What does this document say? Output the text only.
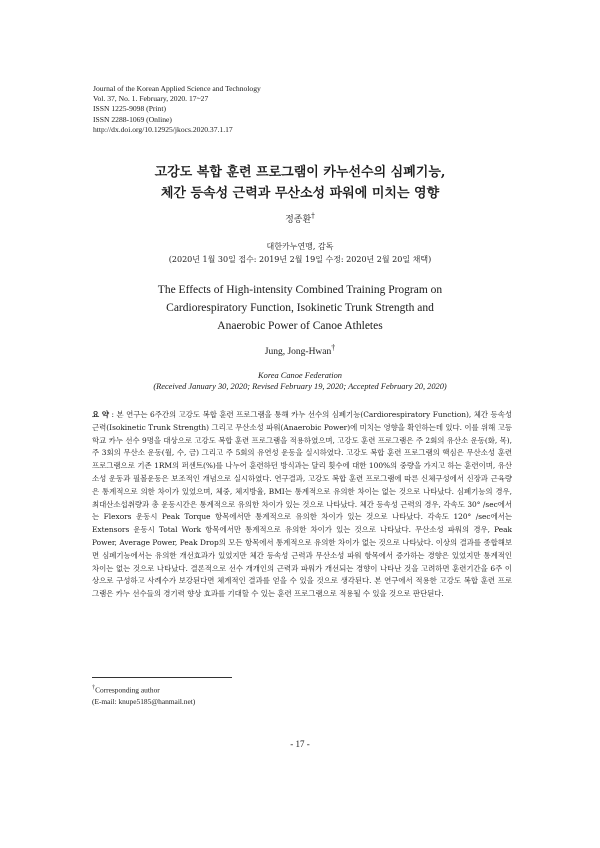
Journal of the Korean Applied Science and Technology
Vol. 37, No. 1. February, 2020. 17~27
ISSN 1225-9098 (Print)
ISSN 2288-1069 (Online)
http://dx.doi.org/10.12925/jkocs.2020.37.1.17
고강도 복합 훈련 프로그램이 카누선수의 심폐기능,
체간 등속성 근력과 무산소성 파워에 미치는 영향
정종환†
대한카누연맹, 감독
(2020년 1월 30일 접수: 2019년 2월 19일 수정: 2020년 2월 20일 채택)
The Effects of High-intensity Combined Training Program on
Cardiorespiratory Function, Isokinetic Trunk Strength and
Anaerobic Power of Canoe Athletes
Jung, Jong-Hwan†
Korea Canoe Federation
(Received January 30, 2020; Revised February 19, 2020; Accepted February 20, 2020)
요 약 : 본 연구는 6주간의 고강도 복합 훈련 프로그램을 통해 카누 선수의 심폐기능(Cardiorespiratory Function), 체간 등속성 근력(Isokinetic Trunk Strength) 그리고 무산소성 파워(Anaerobic Power)에 미치는 영향을 확인하는데 있다. 이를 위해 고등학교 카누 선수 9명을 대상으로 고강도 복합 훈련 프로그램을 적용하였으며, 고강도 훈련 프로그램은 주 2회의 유산소 운동(화, 목), 주 3회의 무산소 운동(월, 수, 금) 그리고 주 5회의 유연성 운동을 실시하였다. 고강도 복합 훈련 프로그램의 핵심은 무산소성 훈련 프로그램으로 기존 1RM의 퍼센트(%)를 나누어 훈련하던 방식과는 달리 횟수에 대한 100%의 중량을 가지고 하는 훈련이며, 유산소성 운동과 필볼운동은 보조적인 개념으로 실시하였다. 연구결과, 고강도 복합 훈련 프로그램에 따른 신체구성에서 신장과 근육량은 통계적으로 의한 차이가 있었으며, 체중, 체지방율, BMI는 통계적으로 유의한 차이는 없는 것으로 나타났다. 심폐기능의 경우, 최대산소섭취량과 총 운동시간은 통계적으로 유의한 차이가 있는 것으로 나타났다. 체간 등속성 근력의 경우, 각속도 30° /sec에서는 Flexors 운동시 Peak Torque 항목에서만 통계적으로 유의한 차이가 있는 것으로 나타났다. 각속도 120° /sec에서는 Extensors 운동시 Total Work 항목에서만 통계적으로 유의한 차이가 있는 것으로 나타났다. 무산소성 파워의 경우, Peak Power, Average Power, Peak Drop의 모든 항목에서 통계적으로 유의한 차이가 없는 것으로 나타났다. 이상의 결과를 종합해보면 심폐기능에서는 유의한 개선효과가 있었지만 체간 등속성 근력과 무산소성 파워 항목에서 증가하는 경향은 있었지만 통계적인 차이는 없는 것으로 나타났다. 결론적으로 선수 개개인의 근력과 파워가 개선되는 경향이 나타난 것을 고려하면 훈련기간을 6주 이상으로 구성하고 사례수가 보강된다면 체계적인 결과를 얻을 수 있을 것으로 생각된다. 본 연구에서 적용한 고강도 복합 훈련 프로그램은 카누 선수들의 경기력 향상 효과를 기대할 수 있는 훈련 프로그램으로 적용될 수 있을 것으로 판단된다.
†Corresponding author
(E-mail: knupe5185@hanmail.net)
- 17 -
